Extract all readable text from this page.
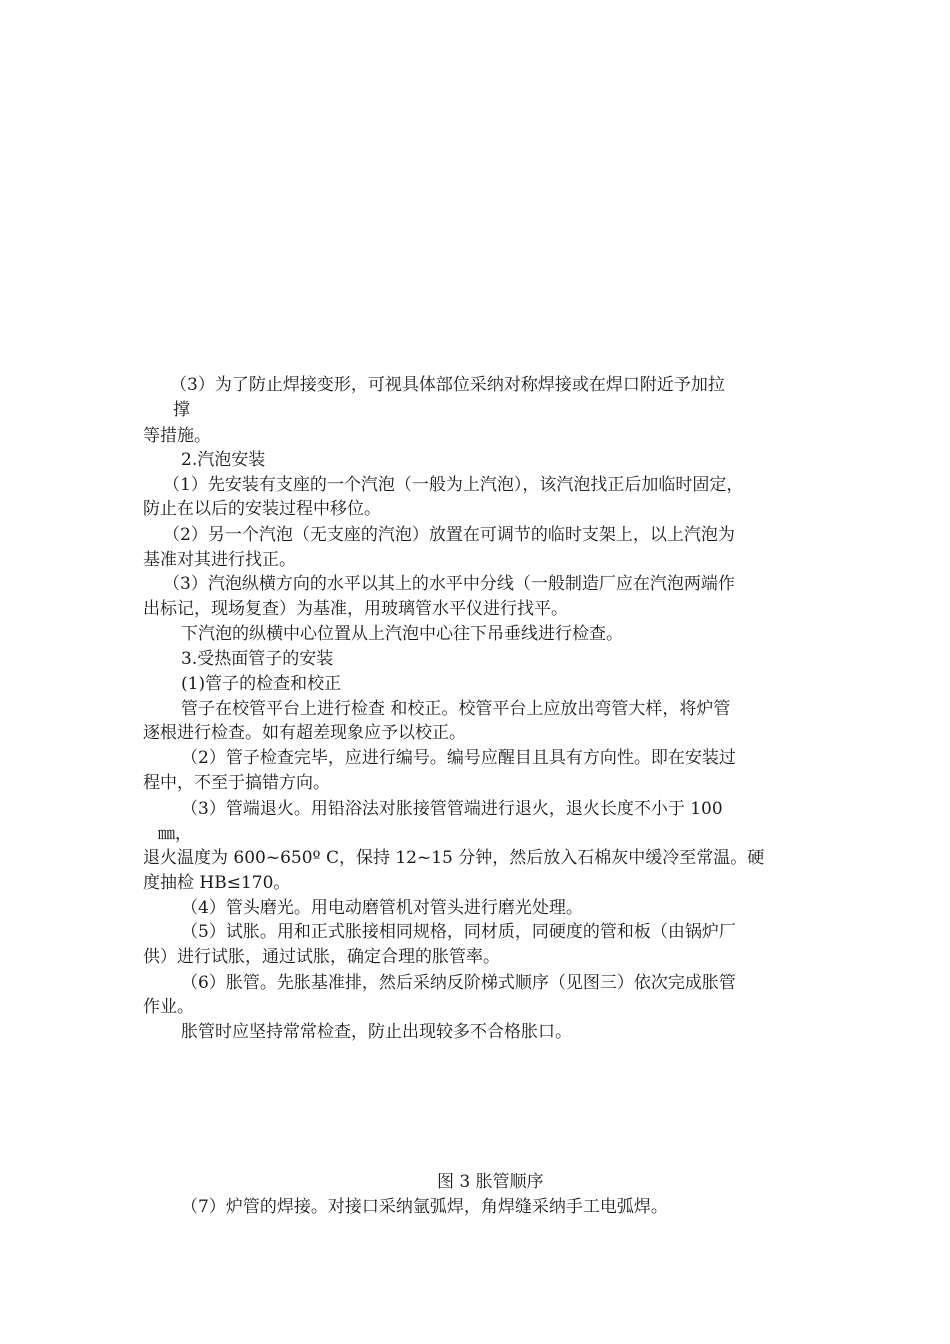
（3）为了防止焊接变形，可视具体部位采纳对称焊接或在焊口附近予加拉
撑
等措施。
2.汽泡安装
（1）先安装有支座的一个汽泡（一般为上汽泡），该汽泡找正后加临时固定，
防止在以后的安装过程中移位。
（2）另一个汽泡（无支座的汽泡）放置在可调节的临时支架上，以上汽泡为
基准对其进行找正。
（3）汽泡纵横方向的水平以其上的水平中分线（一般制造厂应在汽泡两端作
出标记，现场复查）为基准，用玻璃管水平仪进行找平。
下汽泡的纵横中心位置从上汽泡中心往下吊垂线进行检查。
3.受热面管子的安装
(1)管子的检查和校正
管子在校管平台上进行检查 和校正。校管平台上应放出弯管大样，将炉管
逐根进行检查。如有超差现象应予以校正。
（2）管子检查完毕，应进行编号。编号应醒目且具有方向性。即在安装过
程中，不至于搞错方向。
（3）管端退火。用铅浴法对胀接管管端进行退火，退火长度不小于 100
㎜，
退火温度为 600~650º C，保持 12~15 分钟，然后放入石棉灰中缓冷至常温。硬
度抽检 HB≤170。
（4）管头磨光。用电动磨管机对管头进行磨光处理。
（5）试胀。用和正式胀接相同规格，同材质，同硬度的管和板（由锅炉厂
供）进行试胀，通过试胀，确定合理的胀管率。
（6）胀管。先胀基准排，然后采纳反阶梯式顺序（见图三）依次完成胀管
作业。
胀管时应坚持常常检查，防止出现较多不合格胀口。
图 3 胀管顺序
（7）炉管的焊接。对接口采纳氩弧焊，角焊缝采纳手工电弧焊。
